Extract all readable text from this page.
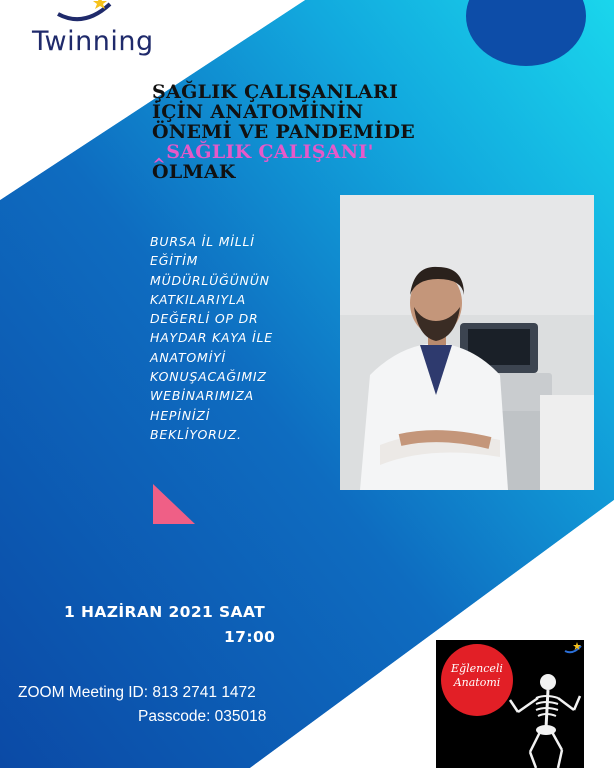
Twinning
ŞAĞLIK ÇALIŞANLARI
İÇİN ANATOMİNİN
ÖNEMİ VE PANDEMİDE
‸SAĞLIK ÇALIŞANI'
OLMAK
BURSA İL MİLLİ
EĞİTİM
MÜDÜRLÜĞÜNÜN
KATKILARIYLA
DEĞERLİ OP DR
HAYDAR KAYA İLE
ANATOMİYİ
KONUŞACAĞIMIZ
WEBİNARIMIZA
HEPİNİZİ
BEKLİYORUZ.
1 HAZİRAN 2021 SAAT
17:00
ZOOM Meeting ID: 813 2741 1472
Passcode: 035018
Eğlenceli
Anatomi
